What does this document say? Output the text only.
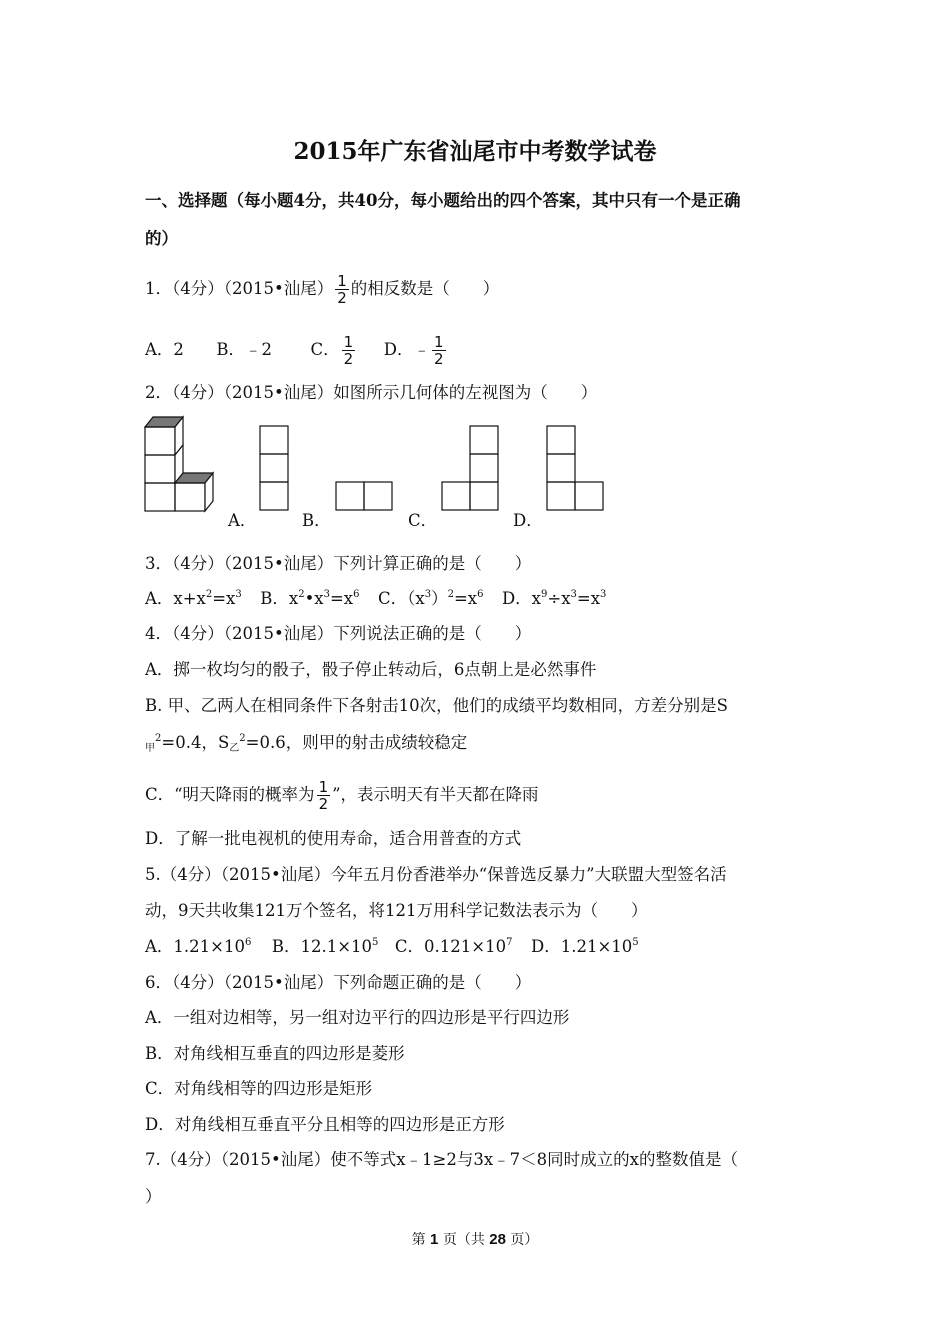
2015年广东省汕尾市中考数学试卷
一、选择题（每小题4分，共40分，每小题给出的四个答案，其中只有一个是正确
的）
1．（4分）（2015•汕尾） $\frac{1}{2}$ 的相反数是（　　）
A．2 B．﹣2 C． $\frac{1}{2}$ D．﹣ $\frac{1}{2}$
2．（4分）（2015•汕尾）如图所示几何体的左视图为（　　）
A．	B．	C．	D．
3．（4分）（2015•汕尾）下列计算正确的是（　　）
A．$x+x^2=x^3$ B．$x^2•x^3=x^6$ C．$(x^3)^2=x^6$ D．$x^9\div x^3=x^3$
4．（4分）（2015•汕尾）下列说法正确的是（　　）
A．掷一枚均匀的骰子，骰子停止转动后，6点朝上是必然事件
B. 甲、乙两人在相同条件下各射击10次，他们的成绩平均数相同，方差分别是S
$_甲^2$=0.4，$S_乙^2=0.6$，则甲的射击成绩较稳定
C．“明天降雨的概率为 $\frac{1}{2}$ ”，表示明天有半天都在降雨
D．了解一批电视机的使用寿命，适合用普查的方式
5.（4分）（2015•汕尾）今年五月份香港举办“保普选反暴力”大联盟大型签名活
动，9天共收集121万个签名，将121万用科学记数法表示为（　　）
A．$1.21\times 10^6$ B．$12.1\times 10^5$ C．$0.121\times 10^7$ D．$1.21\times 10^5$
6．（4分）（2015•汕尾）下列命题正确的是（　　）
A．一组对边相等，另一组对边平行的四边形是平行四边形
B．对角线相互垂直的四边形是菱形
C．对角线相等的四边形是矩形
D．对角线相互垂直平分且相等的四边形是正方形
7.（4分）（2015•汕尾）使不等式x﹣1≥2与3x﹣7＜8同时成立的x的整数值是（
）
第 1 页（共 28 页）
